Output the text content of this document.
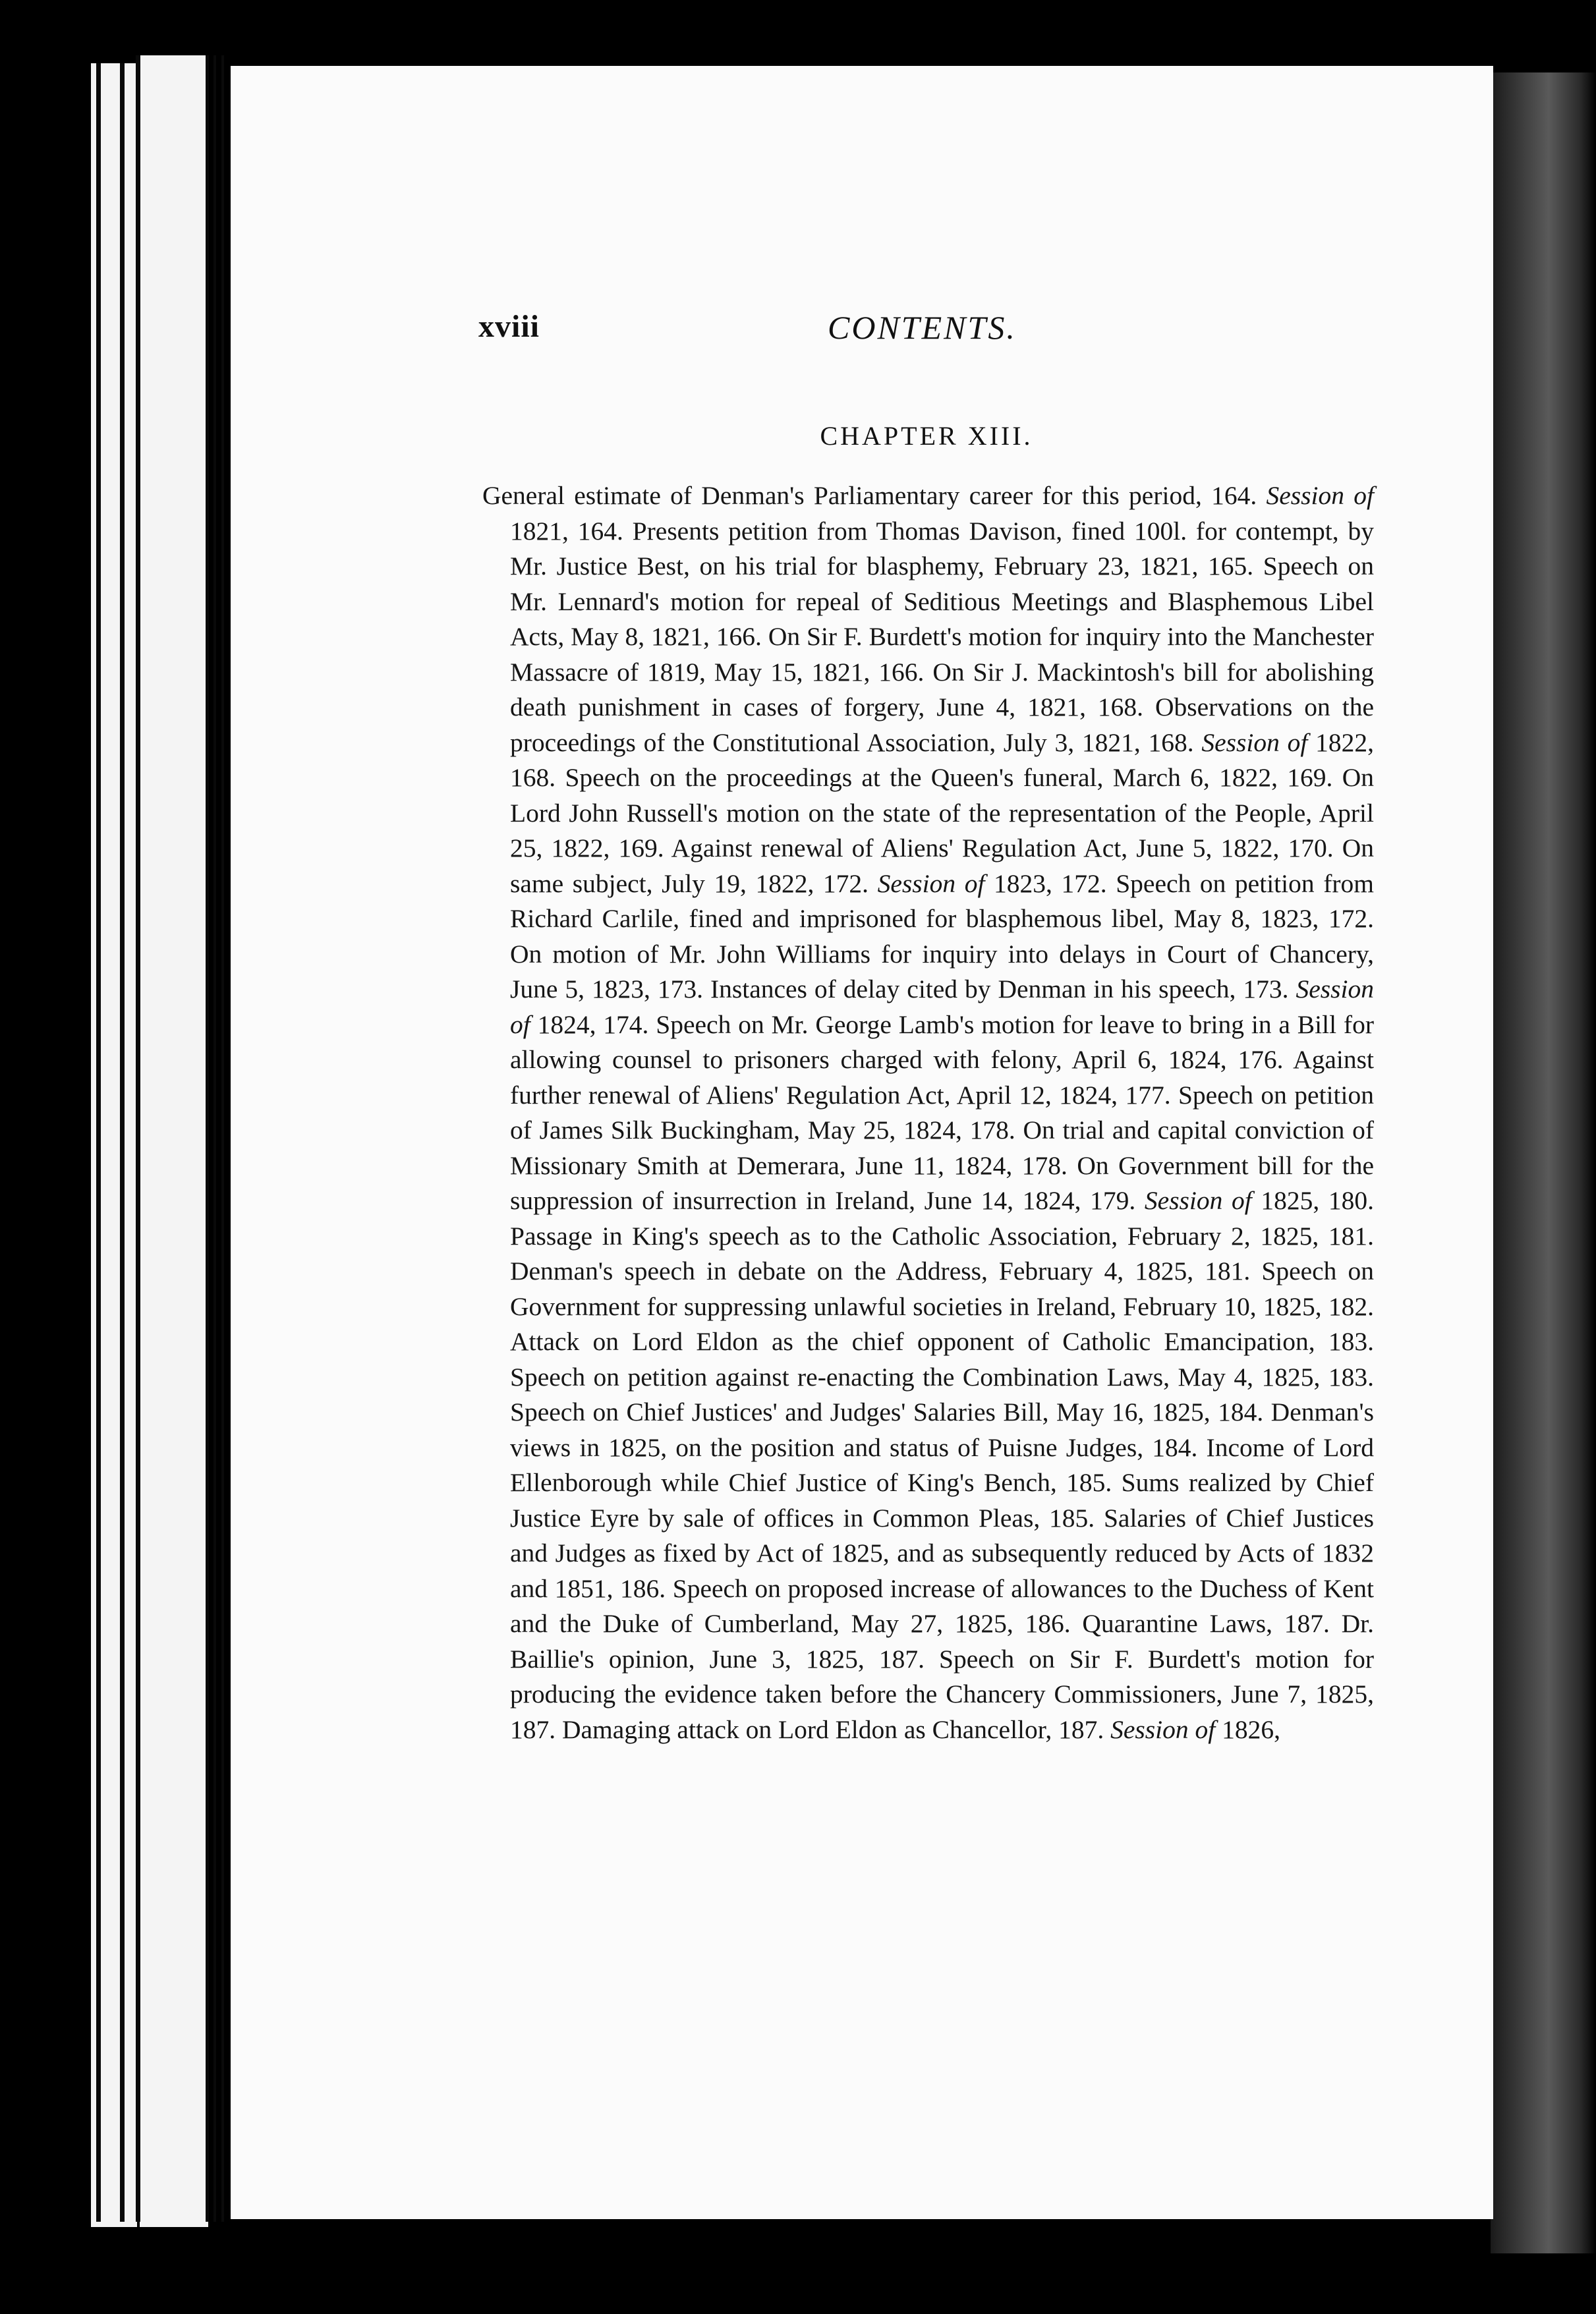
xviii	CONTENTS.
CHAPTER XIII.

General estimate of Denman's Parliamentary career for this period, 164. Session of 1821, 164. Presents petition from Thomas Davison, fined 100l. for contempt, by Mr. Justice Best, on his trial for blasphemy, February 23, 1821, 165. Speech on Mr. Lennard's motion for repeal of Seditious Meetings and Blasphemous Libel Acts, May 8, 1821, 166. On Sir F. Burdett's motion for inquiry into the Manchester Massacre of 1819, May 15, 1821, 166. On Sir J. Mackintosh's bill for abolishing death punishment in cases of forgery, June 4, 1821, 168. Observations on the proceedings of the Constitutional Association, July 3, 1821, 168. Session of 1822, 168. Speech on the proceedings at the Queen's funeral, March 6, 1822, 169. On Lord John Russell's motion on the state of the representation of the People, April 25, 1822, 169. Against renewal of Aliens' Regulation Act, June 5, 1822, 170. On same subject, July 19, 1822, 172. Session of 1823, 172. Speech on petition from Richard Carlile, fined and imprisoned for blasphemous libel, May 8, 1823, 172. On motion of Mr. John Williams for inquiry into delays in Court of Chancery, June 5, 1823, 173. Instances of delay cited by Denman in his speech, 173. Session of 1824, 174. Speech on Mr. George Lamb's motion for leave to bring in a Bill for allowing counsel to prisoners charged with felony, April 6, 1824, 176. Against further renewal of Aliens' Regulation Act, April 12, 1824, 177. Speech on petition of James Silk Buckingham, May 25, 1824, 178. On trial and capital conviction of Missionary Smith at Demerara, June 11, 1824, 178. On Government bill for the suppression of insurrection in Ireland, June 14, 1824, 179. Session of 1825, 180. Passage in King's speech as to the Catholic Association, February 2, 1825, 181. Denman's speech in debate on the Address, February 4, 1825, 181. Speech on Government for suppressing unlawful societies in Ireland, February 10, 1825, 182. Attack on Lord Eldon as the chief opponent of Catholic Emancipation, 183. Speech on petition against re-enacting the Combination Laws, May 4, 1825, 183. Speech on Chief Justices' and Judges' Salaries Bill, May 16, 1825, 184. Denman's views in 1825, on the position and status of Puisne Judges, 184. Income of Lord Ellenborough while Chief Justice of King's Bench, 185. Sums realized by Chief Justice Eyre by sale of offices in Common Pleas, 185. Salaries of Chief Justices and Judges as fixed by Act of 1825, and as subsequently reduced by Acts of 1832 and 1851, 186. Speech on proposed increase of allowances to the Duchess of Kent and the Duke of Cumberland, May 27, 1825, 186. Quarantine Laws, 187. Dr. Baillie's opinion, June 3, 1825, 187. Speech on Sir F. Burdett's motion for producing the evidence taken before the Chancery Commissioners, June 7, 1825, 187. Damaging attack on Lord Eldon as Chancellor, 187. Session of 1826,
